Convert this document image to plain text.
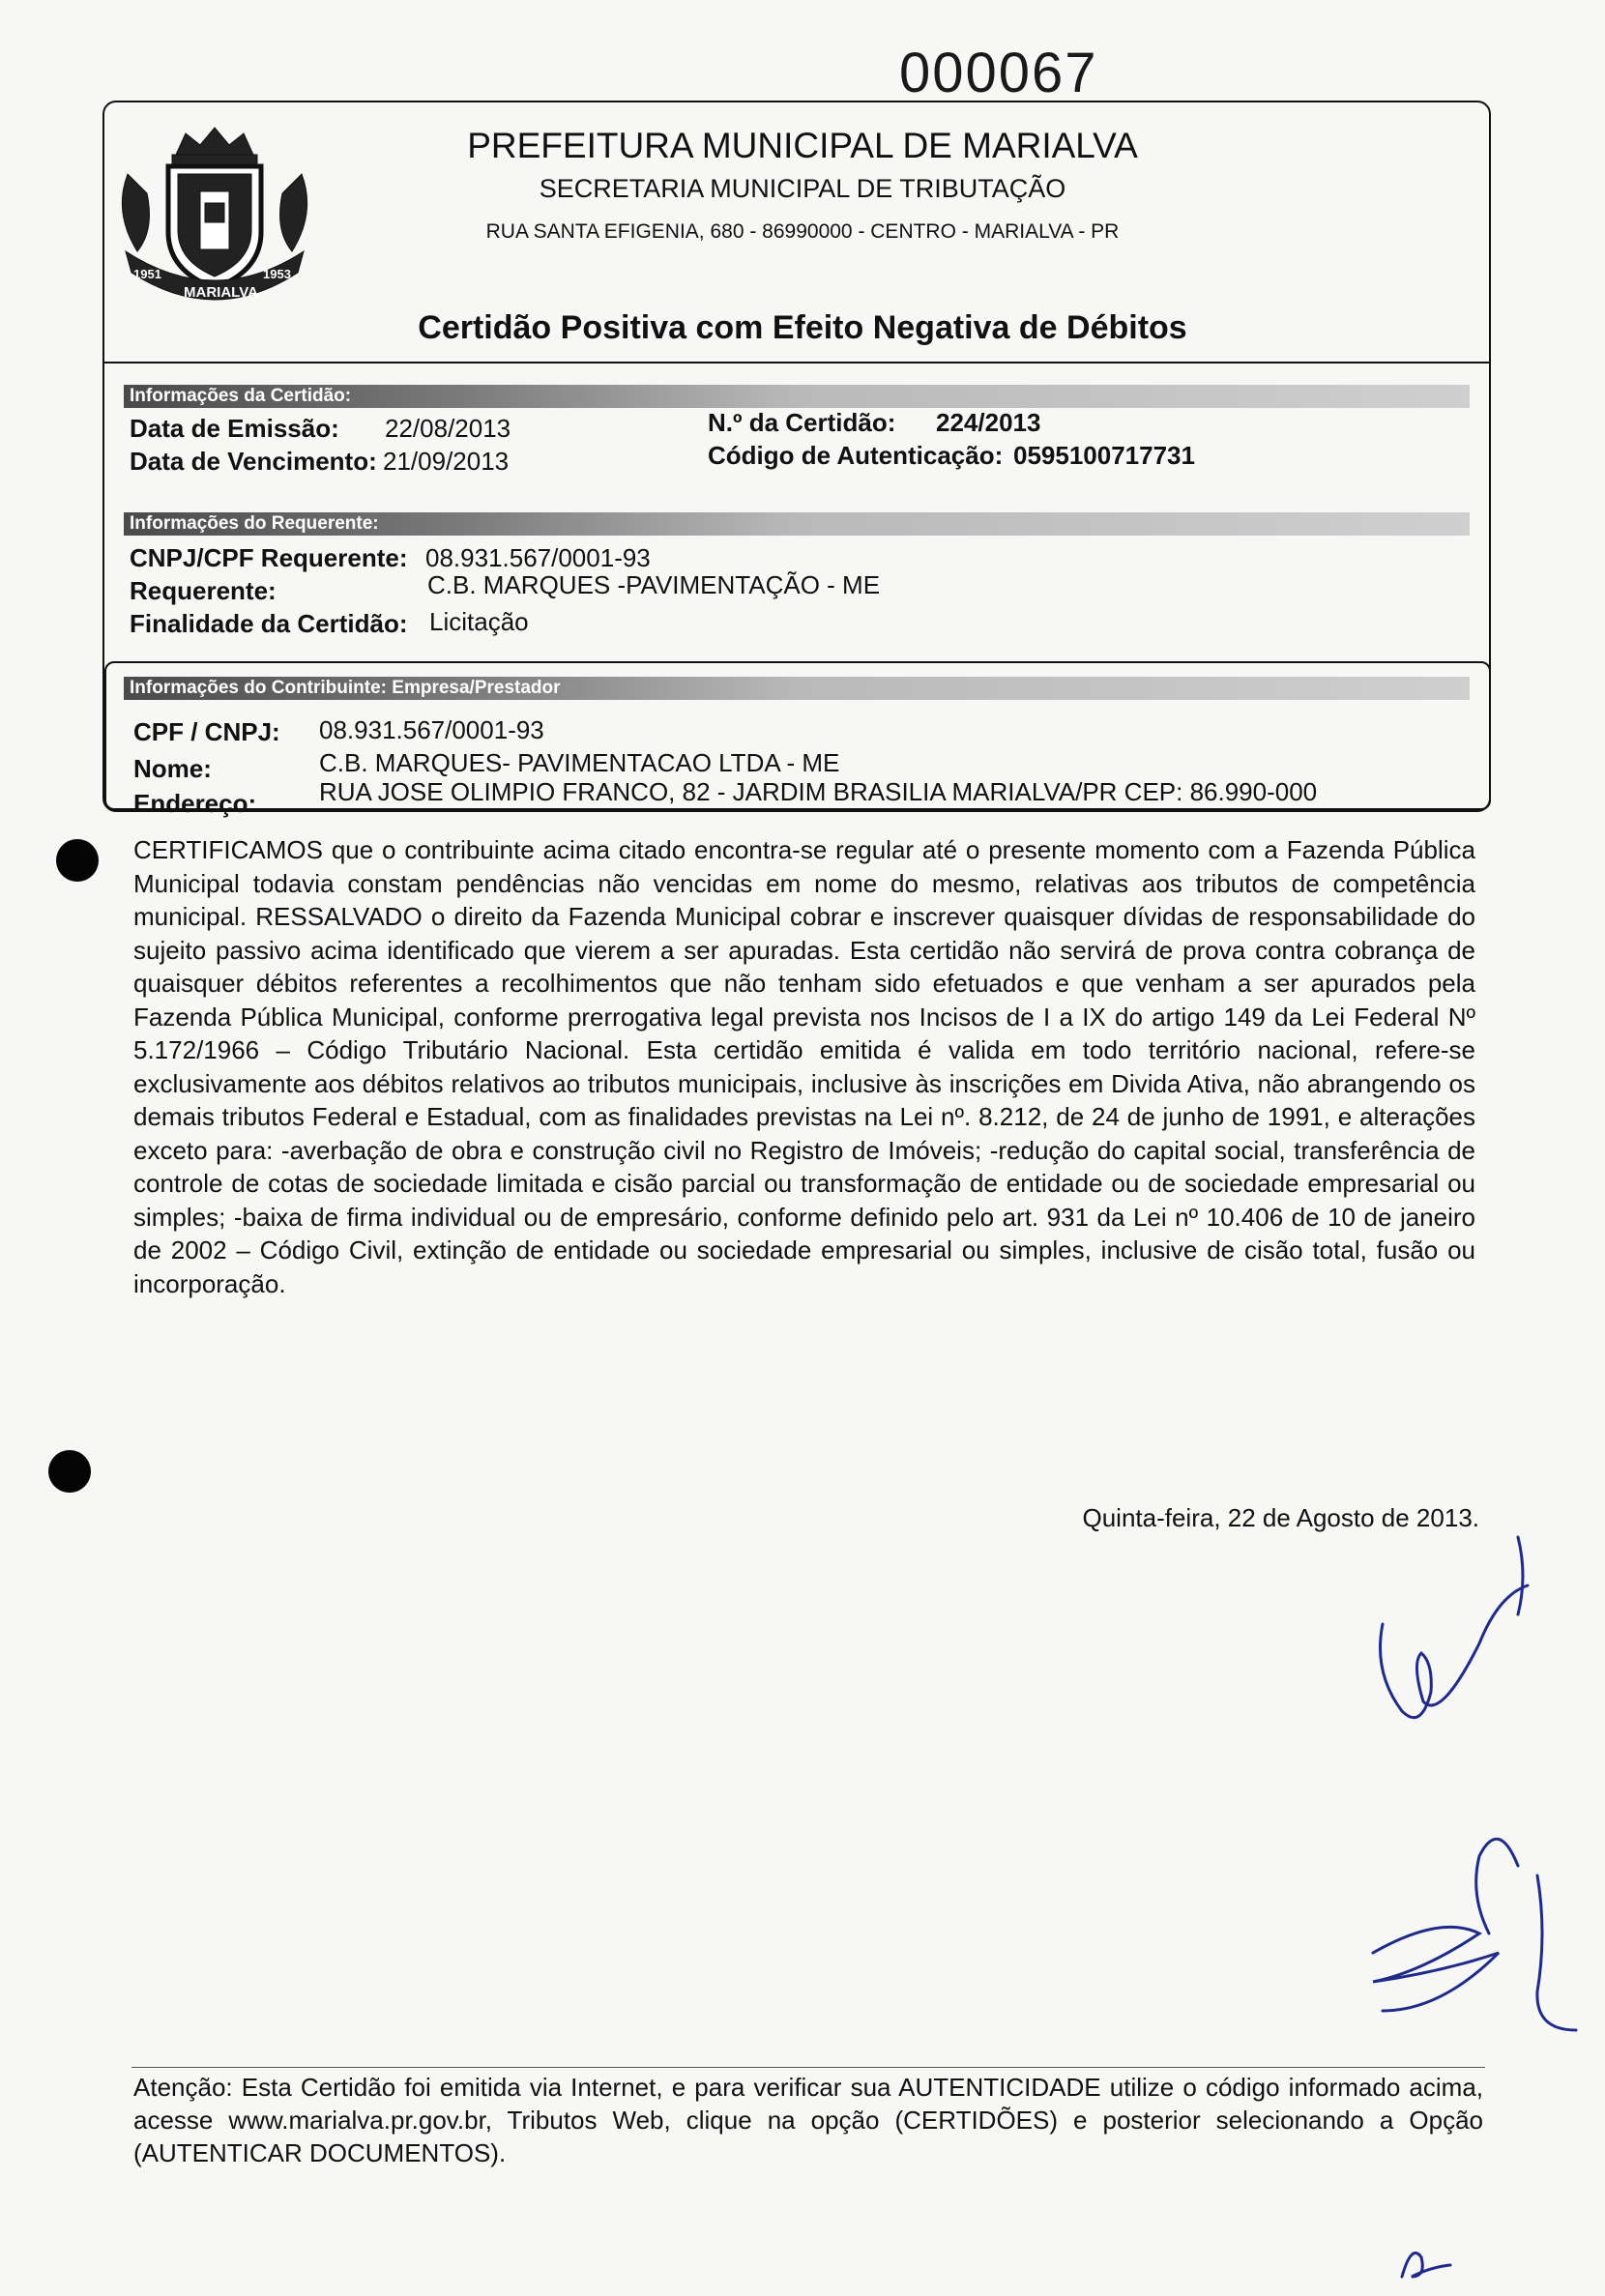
000067
1951
MARIALVA
1953
PREFEITURA MUNICIPAL DE MARIALVA
SECRETARIA MUNICIPAL DE TRIBUTAÇÃO
RUA SANTA EFIGENIA, 680 - 86990000 - CENTRO - MARIALVA - PR
Certidão Positiva com Efeito Negativa de Débitos
Informações da Certidão:
Data de Emissão: 22/08/2013
Data de Vencimento: 21/09/2013
N.º da Certidão: 224/2013
Código de Autenticação: 0595100717731
Informações do Requerente:
CNPJ/CPF Requerente: 08.931.567/0001-93
Requerente:	C.B. MARQUES -PAVIMENTAÇÃO - ME
Finalidade da Certidão: Licitação
Informações do Contribuinte: Empresa/Prestador
CPF / CNPJ: 08.931.567/0001-93
Nome:	C.B. MARQUES- PAVIMENTACAO LTDA - ME
Endereço: RUA JOSE OLIMPIO FRANCO, 82 - JARDIM BRASILIA MARIALVA/PR CEP: 86.990-000
CERTIFICAMOS que o contribuinte acima citado encontra-se regular até o presente momento com a Fazenda Pública Municipal todavia constam pendências não vencidas em nome do mesmo, relativas aos tributos de competência municipal. RESSALVADO o direito da Fazenda Municipal cobrar e inscrever quaisquer dívidas de responsabilidade do sujeito passivo acima identificado que vierem a ser apuradas. Esta certidão não servirá de prova contra cobrança de quaisquer débitos referentes a recolhimentos que não tenham sido efetuados e que venham a ser apurados pela Fazenda Pública Municipal, conforme prerrogativa legal prevista nos Incisos de I a IX do artigo 149 da Lei Federal Nº 5.172/1966 – Código Tributário Nacional. Esta certidão emitida é valida em todo território nacional, refere-se exclusivamente aos débitos relativos ao tributos municipais, inclusive às inscrições em Divida Ativa, não abrangendo os demais tributos Federal e Estadual, com as finalidades previstas na Lei nº. 8.212, de 24 de junho de 1991, e alterações exceto para: -averbação de obra e construção civil no Registro de Imóveis; -redução do capital social, transferência de controle de cotas de sociedade limitada e cisão parcial ou transformação de entidade ou de sociedade empresarial ou simples; -baixa de firma individual ou de empresário, conforme definido pelo art. 931 da Lei nº 10.406 de 10 de janeiro de 2002 – Código Civil, extinção de entidade ou sociedade empresarial ou simples, inclusive de cisão total, fusão ou incorporação.
Quinta-feira, 22 de Agosto de 2013.
Atenção: Esta Certidão foi emitida via Internet, e para verificar sua AUTENTICIDADE utilize o código informado acima, acesse www.marialva.pr.gov.br, Tributos Web, clique na opção (CERTIDÕES) e posterior selecionando a Opção (AUTENTICAR DOCUMENTOS).
